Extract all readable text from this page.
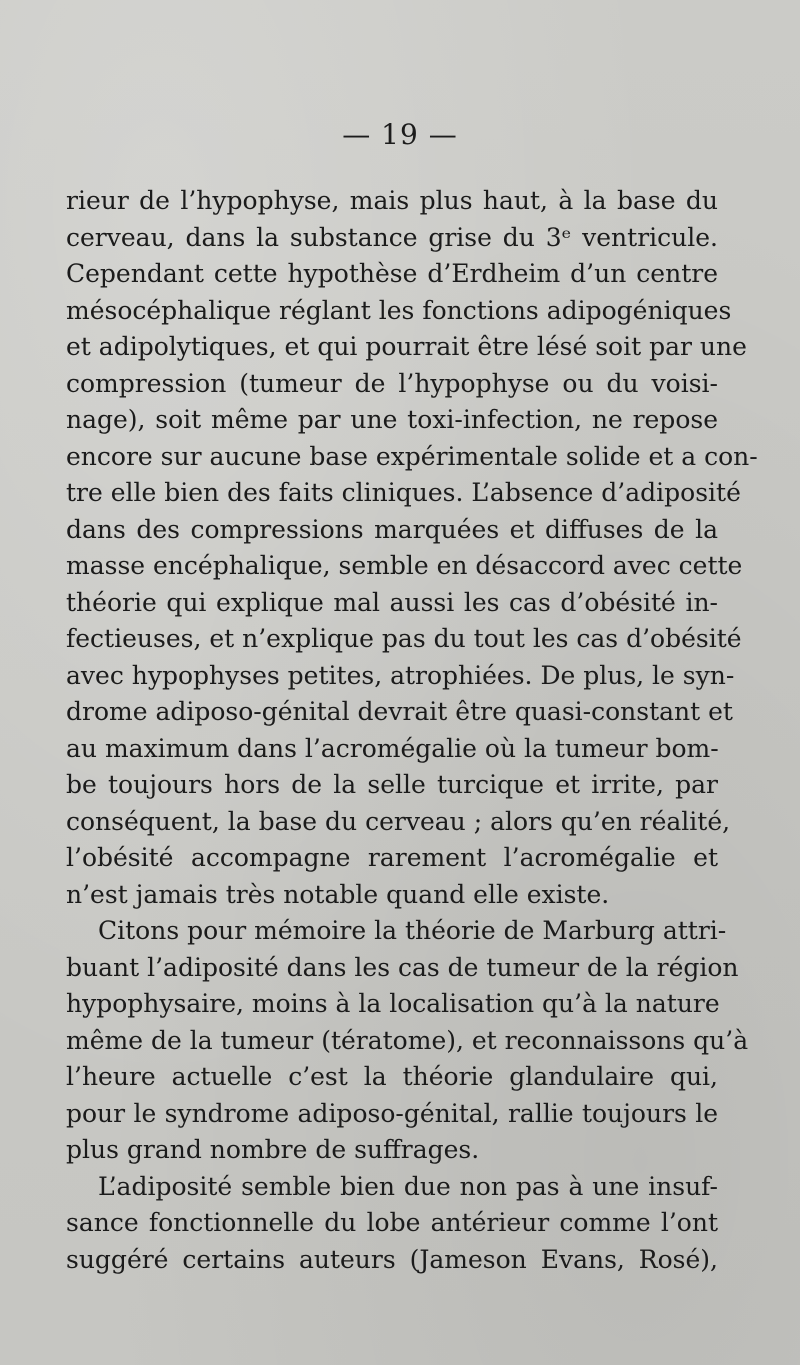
— 19 —
rieur de l’hypophyse, mais plus haut, à la base du
cerveau, dans la substance grise du 3ᵉ ventricule.
Cependant cette hypothèse d’Erdheim d’un centre
mésocéphalique réglant les fonctions adipogéniques
et adipolytiques, et qui pourrait être lésé soit par une
compression (tumeur de l’hypophyse ou du voisi-
nage), soit même par une toxi-infection, ne repose
encore sur aucune base expérimentale solide et a con-
tre elle bien des faits cliniques. L’absence d’adiposité
dans des compressions marquées et diffuses de la
masse encéphalique, semble en désaccord avec cette
théorie qui explique mal aussi les cas d’obésité in-
fectieuses, et n’explique pas du tout les cas d’obésité
avec hypophyses petites, atrophiées. De plus, le syn-
drome adiposo-génital devrait être quasi-constant et
au maximum dans l’acromégalie où la tumeur bom-
be toujours hors de la selle turcique et irrite, par
conséquent, la base du cerveau ; alors qu’en réalité,
l’obésité accompagne rarement l’acromégalie et
n’est jamais très notable quand elle existe.
Citons pour mémoire la théorie de Marburg attri-
buant l’adiposité dans les cas de tumeur de la région
hypophysaire, moins à la localisation qu’à la nature
même de la tumeur (tératome), et reconnaissons qu’à
l’heure actuelle c’est la théorie glandulaire qui,
pour le syndrome adiposo-génital, rallie toujours le
plus grand nombre de suffrages.
L’adiposité semble bien due non pas à une insuf-
sance fonctionnelle du lobe antérieur comme l’ont
suggéré certains auteurs (Jameson Evans, Rosé),
